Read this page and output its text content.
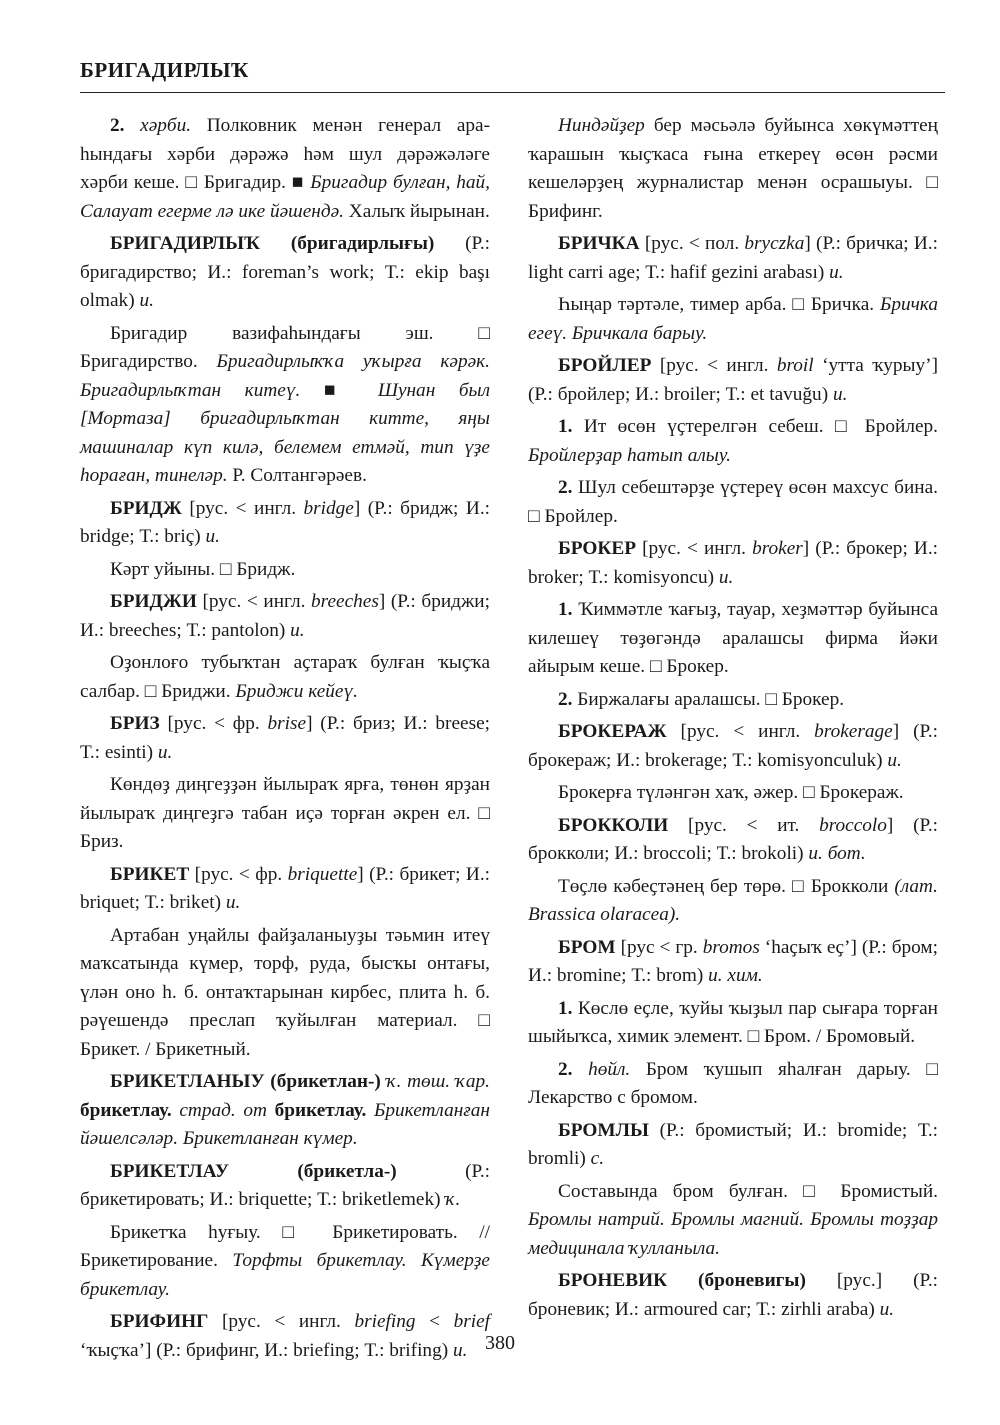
БРИГАДИРЛЫҠ

2. хәрби. Полковник менән генерал араһындағы хәрби дәрәжә һәм шул дәрәжәләге хәрби кеше. □ Бригадир. ■ Бригадир булған, һай, Салауат егерме лә ике йәшендә. Халыҡ йырынан.

БРИГАДИРЛЫҠ (бригадирлығы) (Р.: бригадирство; И.: foreman’s work; Т.: ekip başı olmak) и.

Бригадир вазифаһындағы эш. □ Бригадирство. Бригадирлыҡҡа уҡырға кәрәк. Бригадирлыҡтан китеү. ■ Шунан был [Мортаза] бригадирлыҡтан китте, яңы машиналар күп килә, белемем етмәй, тип үҙе һораған, тинеләр. Р. Солтангәрәев.

БРИДЖ [рус. < ингл. bridge] (Р.: бридж; И.: bridge; Т.: briç) и.

Кәрт уйыны. □ Бридж.

БРИДЖИ [рус. < ингл. breeches] (Р.: бриджи; И.: breeches; Т.: pantolon) и.

Оҙонлоғо тубыҡтан аҫтараҡ булған ҡыҫҡа салбар. □ Бриджи. Бриджи кейеү.

БРИЗ [рус. < фр. brise] (Р.: бриз; И.: breese; Т.: esinti) и.

Көндөҙ диңгеҙҙән йылыраҡ ярға, төнөн ярҙан йылыраҡ диңгеҙгә табан иҫә торған әкрен ел. □ Бриз.

БРИКЕТ [рус. < фр. briquette] (Р.: брикет; И.: briquet; Т.: briket) и.

Артабан уңайлы файҙаланыуҙы тәьмин итеү маҡсатында күмер, торф, руда, бысҡы онтағы, үлән оно һ. б. онтаҡтарынан кирбес, плита һ. б. рәүешендә преслап ҡуйылған материал. □ Брикет. / Брикетный.

БРИКЕТЛАНЫУ (брикетлан-) ҡ. төш. ҡар. брикетлау. страд. от брикетлау. Брикетланған йәшелсәләр. Брикетланған күмер.

БРИКЕТЛАУ (брикетла-) (Р.: брикетировать; И.: briquette; Т.: briketlemek) ҡ.

Брикетҡа һуғыу. □ Брикетировать. // Брикетирование. Торфты брикетлау. Күмерҙе брикетлау.

БРИФИНГ [рус. < ингл. briefing < brief ‘ҡыҫҡа’] (Р.: брифинг, И.: briefing; Т.: brifing) и.

Ниндәйҙер бер мәсьәлә буйынса хөкүмәттең ҡарашын ҡыҫҡаса ғына еткереү өсөн рәсми кешеләрҙең журналистар менән осрашыуы. □ Брифинг.

БРИЧКА [рус. < пол. bryczka] (Р.: бричка; И.: light carri age; Т.: hafif gezini arabası) и.

Һыңар тәртәле, тимер арба. □ Бричка. Бричка егеү. Бричкала барыу.

БРОЙЛЕР [рус. < ингл. broil ‘утта ҡурыу’] (Р.: бройлер; И.: broiler; Т.: et tavuğu) и.

1. Ит өсөн үҫтерелгән себеш. □ Бройлер. Бройлерҙар һатып алыу.

2. Шул себештәрҙе үҫтереү өсөн махсус бина. □ Бройлер.

БРОКЕР [рус. < ингл. broker] (Р.: брокер; И.: broker; Т.: komisyoncu) и.

1. Ҡиммәтле ҡағыҙ, тауар, хеҙмәттәр буйынса килешеү төҙөгәндә аралашсы фирма йәки айырым кеше. □ Брокер.

2. Биржалағы аралашсы. □ Брокер.

БРОКЕРАЖ [рус. < ингл. brokerage] (Р.: брокераж; И.: brokerage; Т.: komisyonculuk) и.

Брокерға түләнгән хаҡ, әжер. □ Брокераж.

БРОККОЛИ [рус. < ит. broccolo] (Р.: брокколи; И.: broccoli; Т.: brokoli) и. бот.

Төҫлө кәбеҫтәнең бер төрө. □ Брокколи (лат. Brassica olaracea).

БРОМ [рус < гр. bromos ‘һаҫыҡ еҫ’] (Р.: бром; И.: bromine; Т.: brom) и. хим.

1. Көслө еҫле, ҡуйы ҡыҙыл пар сығара торған шыйыҡса, химик элемент. □ Бром. / Бромовый.

2. һөйл. Бром ҡушып яһалған дарыу. □ Лекарство с бромом.

БРОМЛЫ (Р.: бромистый; И.: bromide; Т.: bromli) с.

Составында бром булған. □ Бромистый. Бромлы натрий. Бромлы магний. Бромлы тоҙҙар медицинала ҡулланыла.

БРОНЕВИК (броневигы) [рус.] (Р.: броневик; И.: armoured car; Т.: zirhli araba) и.

380
